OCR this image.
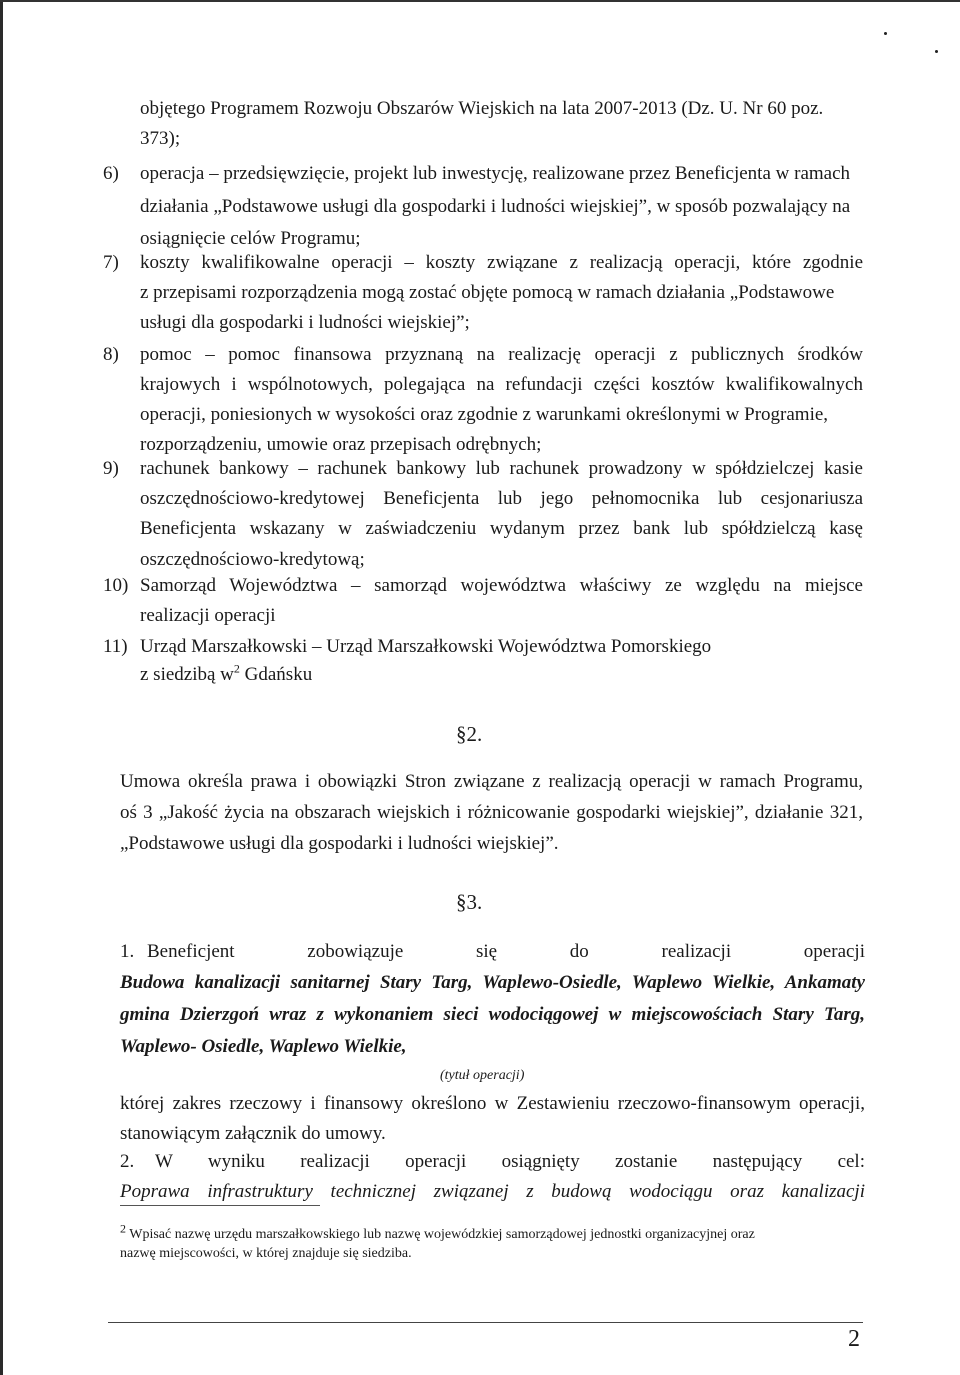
objętego Programem Rozwoju Obszarów Wiejskich na lata 2007-2013 (Dz. U. Nr 60 poz.
373);
6) operacja – przedsięwzięcie, projekt lub inwestycję, realizowane przez Beneficjenta w ramach
działania „Podstawowe usługi dla gospodarki i ludności wiejskiej”, w sposób pozwalający na
osiągnięcie celów Programu;
7) koszty kwalifikowalne operacji – koszty związane z realizacją operacji, które zgodnie
z przepisami rozporządzenia mogą zostać objęte pomocą w ramach działania „Podstawowe
usługi dla gospodarki i ludności wiejskiej”;
8) pomoc – pomoc finansowa przyznaną na realizację operacji z publicznych środków
krajowych i wspólnotowych, polegająca na refundacji części kosztów kwalifikowalnych
operacji, poniesionych w wysokości oraz zgodnie z warunkami określonymi w Programie,
rozporządzeniu, umowie oraz przepisach odrębnych;
9) rachunek bankowy – rachunek bankowy lub rachunek prowadzony w spółdzielczej kasie
oszczędnościowo-kredytowej Beneficjenta lub jego pełnomocnika lub cesjonariusza
Beneficjenta wskazany w zaświadczeniu wydanym przez bank lub spółdzielczą kasę
oszczędnościowo-kredytową;
10) Samorząd Województwa – samorząd województwa właściwy ze względu na miejsce
realizacji operacji
11) Urząd Marszałkowski – Urząd Marszałkowski Województwa Pomorskiego
z siedzibą $w^2$ Gdańsku
§2.
Umowa określa prawa i obowiązki Stron związane z realizacją operacji w ramach Programu,
oś 3 „Jakość życia na obszarach wiejskich i różnicowanie gospodarki wiejskiej”, działanie 321,
„Podstawowe usługi dla gospodarki i ludności wiejskiej”.
§3.
1. Beneficjent zobowiązuje się do realizacji operacji
Budowa kanalizacji sanitarnej Stary Targ, Waplewo-Osiedle, Waplewo Wielkie, Ankamaty
gmina Dzierzgoń wraz z wykonaniem sieci wodociągowej w miejscowościach Stary Targ,
Waplewo- Osiedle, Waplewo Wielkie,
(tytuł operacji)
której zakres rzeczowy i finansowy określono w Zestawieniu rzeczowo-finansowym operacji,
stanowiącym załącznik do umowy.
2. W wyniku realizacji operacji osiągnięty zostanie następujący cel:
Poprawa infrastruktury technicznej związanej z budową wodociągu oraz kanalizacji
$^2$ Wpisać nazwę urzędu marszałkowskiego lub nazwę wojewódzkiej samorządowej jednostki organizacyjnej oraz
nazwę miejscowości, w której znajduje się siedziba.
2
